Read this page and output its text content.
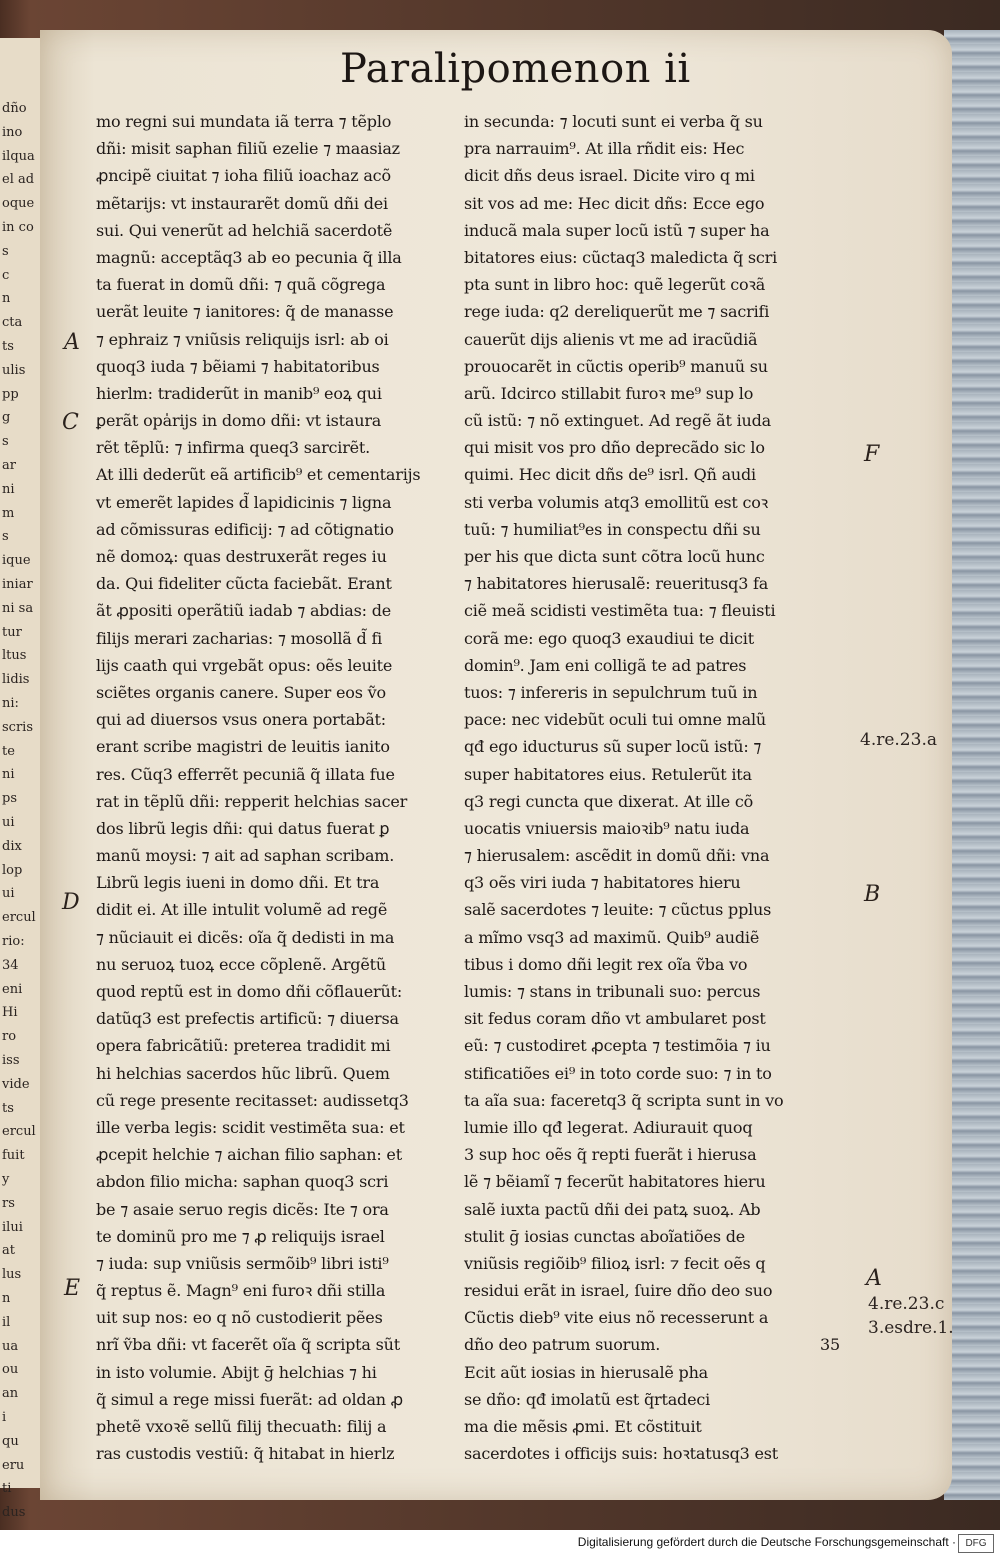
dño
ino
ilqua
el ad
oque
in co
s
c
n
cta
ts
ulis
pp
g
s
ar
ni
m
s
ique
iniar
ni sa
tur
ltus
lidis
ni:
scris
te
ni
ps
ui
dix
lop
ui
ercul
rio:
34
eni
Hi
ro
iss
vide
ts
ercul
fuit
y
rs
ilui
at
lus
n
il
ua
ou
an
i
qu
eru
ti
dus
Paralipomenon ii
mo regni sui mundata iã terra ⁊ tẽplo
dñi: misit saphan filiũ ezelie ⁊ maasiaz
ꝓncipẽ ciuitat ⁊ ioha filiũ ioachaz acõ
mẽtarijs: vt instaurarẽt domũ dñi dei
sui. Qui venerũt ad helchiã sacerdotẽ
magnũ: acceptãq3 ab eo pecunia q̃ illa
ta fuerat in domũ dñi: ⁊ quã cõgrega
uerãt leuite ⁊ ianitores: q̃ de manasse
⁊ ephraiz ⁊ vniũsis reliquijs isrl: ab oi
quoq3 iuda ⁊ bẽiami ⁊ habitatoribus
hierlm: tradiderũt in manib⁹ eoꝝ qui
ꝑerãt opa̍rijs in domo dñi: vt istaura
rẽt tẽplũ: ⁊ infirma queq3 sarcirẽt.
At illi dederũt eã artificib⁹ et cementarijs
vt emerẽt lapides d̃ lapidicinis ⁊ ligna
ad cõmissuras edificij: ⁊ ad cõtignatio
nẽ domoꝝ: quas destruxerãt reges iu
da. Qui fideliter cũcta faciebãt. Erant
ãt ꝓpositi operãtiũ iadab ⁊ abdias: de
filijs merari zacharias: ⁊ mosollã d̃ fi
lijs caath qui vrgebãt opus: oẽs leuite
sciẽtes organis canere. Super eos ṽo
qui ad diuersos vsus onera portabãt:
erant scribe magistri de leuitis ianito
res. Cũq3 efferrẽt pecuniã q̃ illata fue
rat in tẽplũ dñi: repperit helchias sacer
dos librũ legis dñi: qui datus fuerat ꝑ
manũ moysi: ⁊ ait ad saphan scribam.
Librũ legis iueni in domo dñi. Et tra
didit ei. At ille intulit volumẽ ad regẽ
⁊ nũciauit ei dicẽs: oĩa q̃ dedisti in ma
nu seruoꝝ tuoꝝ ecce cõplenẽ. Argẽtũ
quod reptũ est in domo dñi cõflauerũt:
datũq3 est prefectis artificũ: ⁊ diuersa
opera fabricãtiũ: preterea tradidit mi
hi helchias sacerdos hũc librũ. Quem
cũ rege presente recitasset: audissetq3
ille verba legis: scidit vestimẽta sua: et
ꝓcepit helchie ⁊ aichan filio saphan: et
abdon filio micha: saphan quoq3 scri
be ⁊ asaie seruo regis dicẽs: Ite ⁊ ora
te dominũ pro me ⁊ ꝓ reliquijs israel
⁊ iuda: sup vniũsis sermõib⁹ libri isti⁹
q̃ reptus ẽ. Magn⁹ eni furoꝛ dñi stilla
uit sup nos: eo q nõ custodierit pẽes
nrĩ ṽba dñi: vt facerẽt oĩa q̃ scripta sũt
in isto volumie. Abijt ḡ helchias ⁊ hi
q̃ simul a rege missi fuerãt: ad oldan ꝓ
phetẽ vxoꝛẽ sellũ filij thecuath: filij a
ras custodis vestiũ: q̃ hitabat in hierlz
in secunda: ⁊ locuti sunt ei verba q̃ su
pra narrauim⁹. At illa rñdit eis: Hec
dicit dñs deus israel. Dicite viro q mi
sit vos ad me: Hec dicit dñs: Ecce ego
inducã mala super locũ istũ ⁊ super ha
bitatores eius: cũctaq3 maledicta q̃ scri
pta sunt in libro hoc: quẽ legerũt coꝛã
rege iuda: q2 dereliquerũt me ⁊ sacrifi
cauerũt dijs alienis vt me ad iracũdiã
prouocarẽt in cũctis operib⁹ manuũ su
arũ. Idcirco stillabit furoꝛ me⁹ sup lo
cũ istũ: ⁊ nõ extinguet. Ad regẽ ãt iuda
qui misit vos pro dño deprecãdo sic lo
quimi. Hec dicit dñs de⁹ isrl. Qñ audi
sti verba volumis atq3 emollitũ est coꝛ
tuũ: ⁊ humiliat⁹es in conspectu dñi su
per his que dicta sunt cõtra locũ hunc
⁊ habitatores hierusalẽ: reueritusq3 fa
ciẽ meã scidisti vestimẽta tua: ⁊ fleuisti
corã me: ego quoq3 exaudiui te dicit
domin⁹. Jam eni colligã te ad patres
tuos: ⁊ infereris in sepulchrum tuũ in
pace: nec videbũt oculi tui omne malũ
qđ ego iducturus sũ super locũ istũ: ⁊
super habitatores eius. Retulerũt ita
q3 regi cuncta que dixerat. At ille cõ
uocatis vniuersis maioꝛib⁹ natu iuda
⁊ hierusalem: ascẽdit in domũ dñi: vna
q3 oẽs viri iuda ⁊ habitatores hieru
salẽ sacerdotes ⁊ leuite: ⁊ cũctus pplus
a mĩmo vsq3 ad maximũ. Quib⁹ audiẽ
tibus i domo dñi legit rex oĩa ṽba vo
lumis: ⁊ stans in tribunali suo: percus
sit fedus coram dño vt ambularet post
eũ: ⁊ custodiret ꝓcepta ⁊ testimõia ⁊ iu
stificatiões ei⁹ in toto corde suo: ⁊ in to
ta aĩa sua: faceretq3 q̃ scripta sunt in vo
lumie illo qđ legerat. Adiurauit quoq
3 sup hoc oẽs q̃ repti fuerãt i hierusa
lẽ ⁊ bẽiamĩ ⁊ fecerũt habitatores hieru
salẽ iuxta pactũ dñi dei patꝝ suoꝝ. Ab
stulit ḡ iosias cunctas aboĩatiões de
vniũsis regiõib⁹ filioꝝ isrl: ⁊ fecit oẽs q
residui erãt in israel, ſuire dño deo suo
Cũctis dieb⁹ vite eius nõ recesserunt a
35
dño deo patrum suorum.
Ecit aũt iosias in hierusalẽ pha
se dño: qđ imolatũ est q̃rtadeci
ma die mẽsis ꝓmi. Et cõstituit
sacerdotes i officijs suis: hoꝛtatusq3 est
A
C
D
E
F
B
A
4.re.23.a
4.re.23.c
3.esdre.1.
Digitalisierung gefördert durch die Deutsche Forschungsgemeinschaft · DFG
